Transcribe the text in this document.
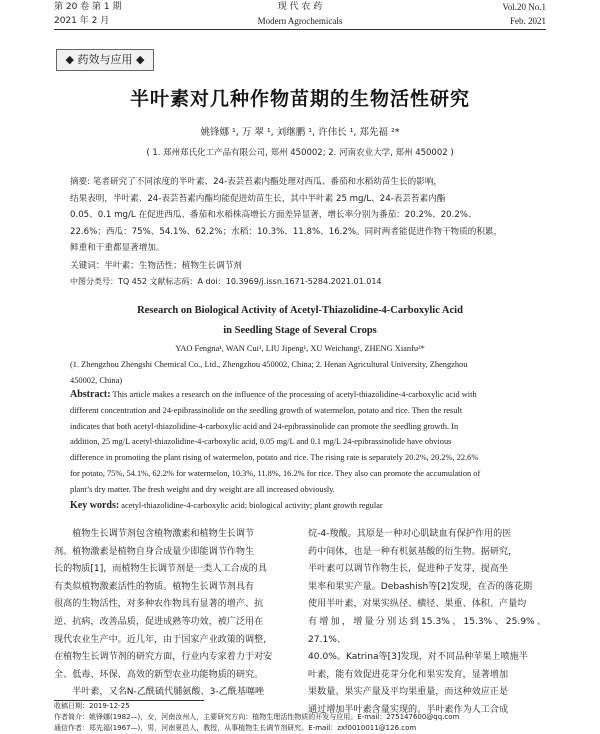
第 20 卷 第 1 期	现 代 农 药	Vol.20 No.1
2021 年 2 月	Modern Agrochemicals	Feb. 2021
◆ 药效与应用 ◆
半叶素对几种作物苗期的生物活性研究
姚锋娜 ¹, 万 翠 ¹, 刘继鹏 ¹, 许伟长 ¹, 郑先福 ²*
( 1. 郑州郑氏化工产品有限公司, 郑州 450002; 2. 河南农业大学, 郑州 450002 )
摘要: 笔者研究了不同浓度的半叶素、24-表芸苔素内酯处理对西瓜、番茄和水稻幼苗生长的影响，
结果表明，半叶素、24-表芸苔素内酯均能促进幼苗生长，其中半叶素 25 mg/L、24-表芸苔素内酯
0.05、0.1 mg/L 在促进西瓜、番茄和水稻株高增长方面差异显著，增长率分别为番茄：20.2%、20.2%、
22.6%；西瓜：75%、54.1%、62.2%；水稻：10.3%、11.8%、16.2%。同时两者能促进作物干物质的积累，
鲜重和干重都显著增加。
关键词：半叶素；生物活性；植物生长调节剂
中图分类号：TQ 452 文献标志码：A doi：10.3969/j.issn.1671-5284.2021.01.014
Research on Biological Activity of Acetyl-Thiazolidine-4-Carboxylic Acid
in Seedling Stage of Several Crops
YAO Fengna¹, WAN Cui¹, LIU Jipeng¹, XU Weichang¹, ZHENG Xianfu²*
(1. Zhengzhou Zhengshi Chemical Co., Ltd., Zhengzhou 450002, China; 2. Henan Agricultural University, Zhengzhou
450002, China)
Abstract: This article makes a research on the influence of the processing of acetyl-thiazolidine-4-carboxylic acid with
different concentration and 24-epibrassinolide on the seedling growth of watermelon, potato and rice. Then the result
indicates that both acetyl-thiazolidine-4-carboxylic acid and 24-epibrassinolide can promote the seedling growth. In
addition, 25 mg/L acetyl-thiazolidine-4-carboxylic acid, 0.05 mg/L and 0.1 mg/L 24-epibrassinolide have obvious
difference in promoting the plant rising of watermelon, potato and rice. The rising rate is separately 20.2%, 20.2%, 22.6%
for potato, 75%, 54.1%, 62.2% for watermelon, 10.3%, 11.8%, 16.2% for rice. They also can promote the accumulation of
plant’s dry matter. The fresh weight and dry weight are all increased obviously.
Key words: acetyl-thiazolidine-4-carboxylic acid; biological activity; plant growth regular
植物生长调节剂包含植物激素和植物生长调节
剂。植物激素是植物自身合成量少即能调节作物生
长的物质[1]，而植物生长调节剂是一类人工合成的具
有类似植物激素活性的物质。植物生长调节剂具有
很高的生物活性，对多种农作物具有显著的增产、抗
逆、抗病，改善品质，促进成熟等功效，被广泛用在
现代农业生产中。近几年，由于国家产业政策的调整，
在植物生长调节剂的研究方面，行业内专家着力于对安
全、低毒、环保、高效的新型农业功能物质的研究。
半叶素，又名N-乙酰硫代脯氨酸、3-乙酰基噻唑
烷-4-羧酸。其原是一种对心肌缺血有保护作用的医
药中间体，也是一种有机氨基酸的衍生物。据研究，
半叶素可以调节作物生长，促进种子发芽，提高坐
果率和果实产量。Debashish等[2]发现，在否的落花期
使用半叶素，对果实纵径、横径、果重、体积、产量均
有增加，增量分别达到15.3%、15.3%、25.9%、27.1%、
40.0%。Katrina等[3]发现，对不同品种苹果上喷施半
叶素，能有效促进花芽分化和果实发育，显著增加
果数量、果实产量及平均果重量，而这种效应正是
通过增加半叶素含量实现的。半叶素作为人工合成
收稿日期：2019-12-25
作者简介：姚锋娜(1982—)，女，河南汝州人，主要研究方向：植物生理活性物质的开发与应用。E-mail：275147600@qq.com
通信作者：郑先福(1967—)，男，河南夏邑人，教授，从事植物生长调节剂研究。E-mail：zxf0010011@126.com
